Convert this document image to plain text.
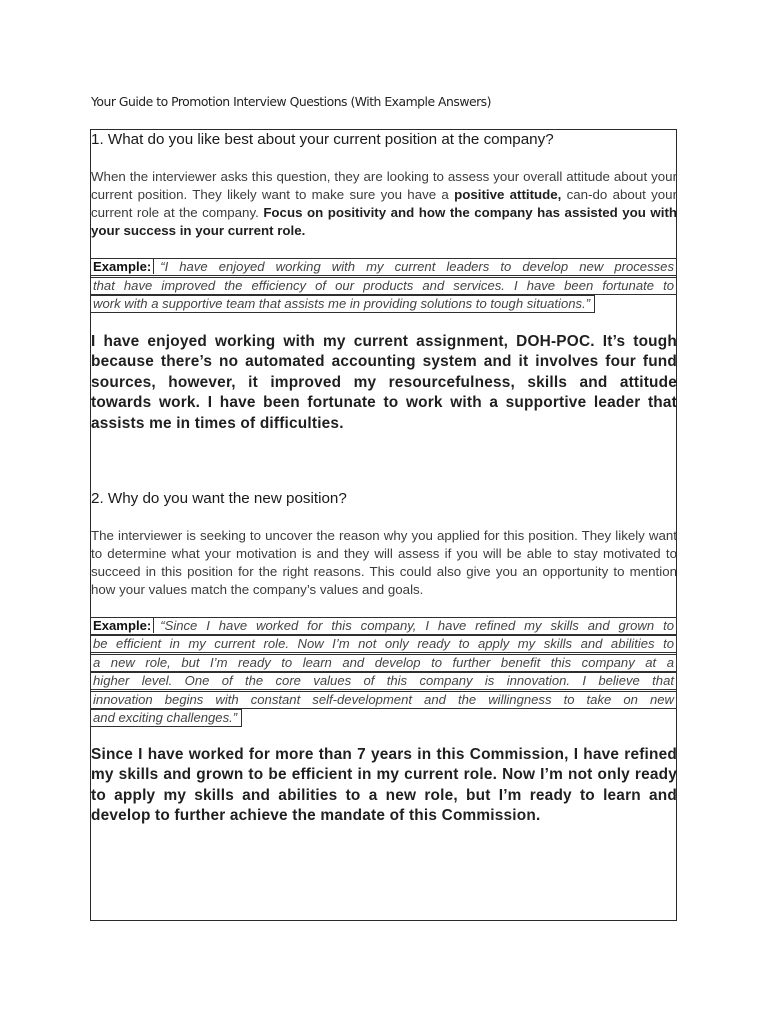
Your Guide to Promotion Interview Questions (With Example Answers)
1. What do you like best about your current position at the company?
When the interviewer asks this question, they are looking to assess your overall attitude about your current position. They likely want to make sure you have a positive attitude, can-do about your current role at the company. Focus on positivity and how the company has assisted you with your success in your current role.
Example: “I have enjoyed working with my current leaders to develop new processes
that have improved the efficiency of our products and services. I have been fortunate to
work with a supportive team that assists me in providing solutions to tough situations.”
I have enjoyed working with my current assignment, DOH-POC. It’s tough because there’s no automated accounting system and it involves four fund sources, however, it improved my resourcefulness, skills and attitude towards work. I have been fortunate to work with a supportive leader that assists me in times of difficulties.
2. Why do you want the new position?
The interviewer is seeking to uncover the reason why you applied for this position. They likely want to determine what your motivation is and they will assess if you will be able to stay motivated to succeed in this position for the right reasons. This could also give you an opportunity to mention how your values match the company’s values and goals.
Example: “Since I have worked for this company, I have refined my skills and grown to
be efficient in my current role. Now I’m not only ready to apply my skills and abilities to
a new role, but I’m ready to learn and develop to further benefit this company at a
higher level. One of the core values of this company is innovation. I believe that
innovation begins with constant self-development and the willingness to take on new
and exciting challenges.”
Since I have worked for more than 7 years in this Commission, I have refined my skills and grown to be efficient in my current role. Now I’m not only ready to apply my skills and abilities to a new role, but I’m ready to learn and develop to further achieve the mandate of this Commission.
